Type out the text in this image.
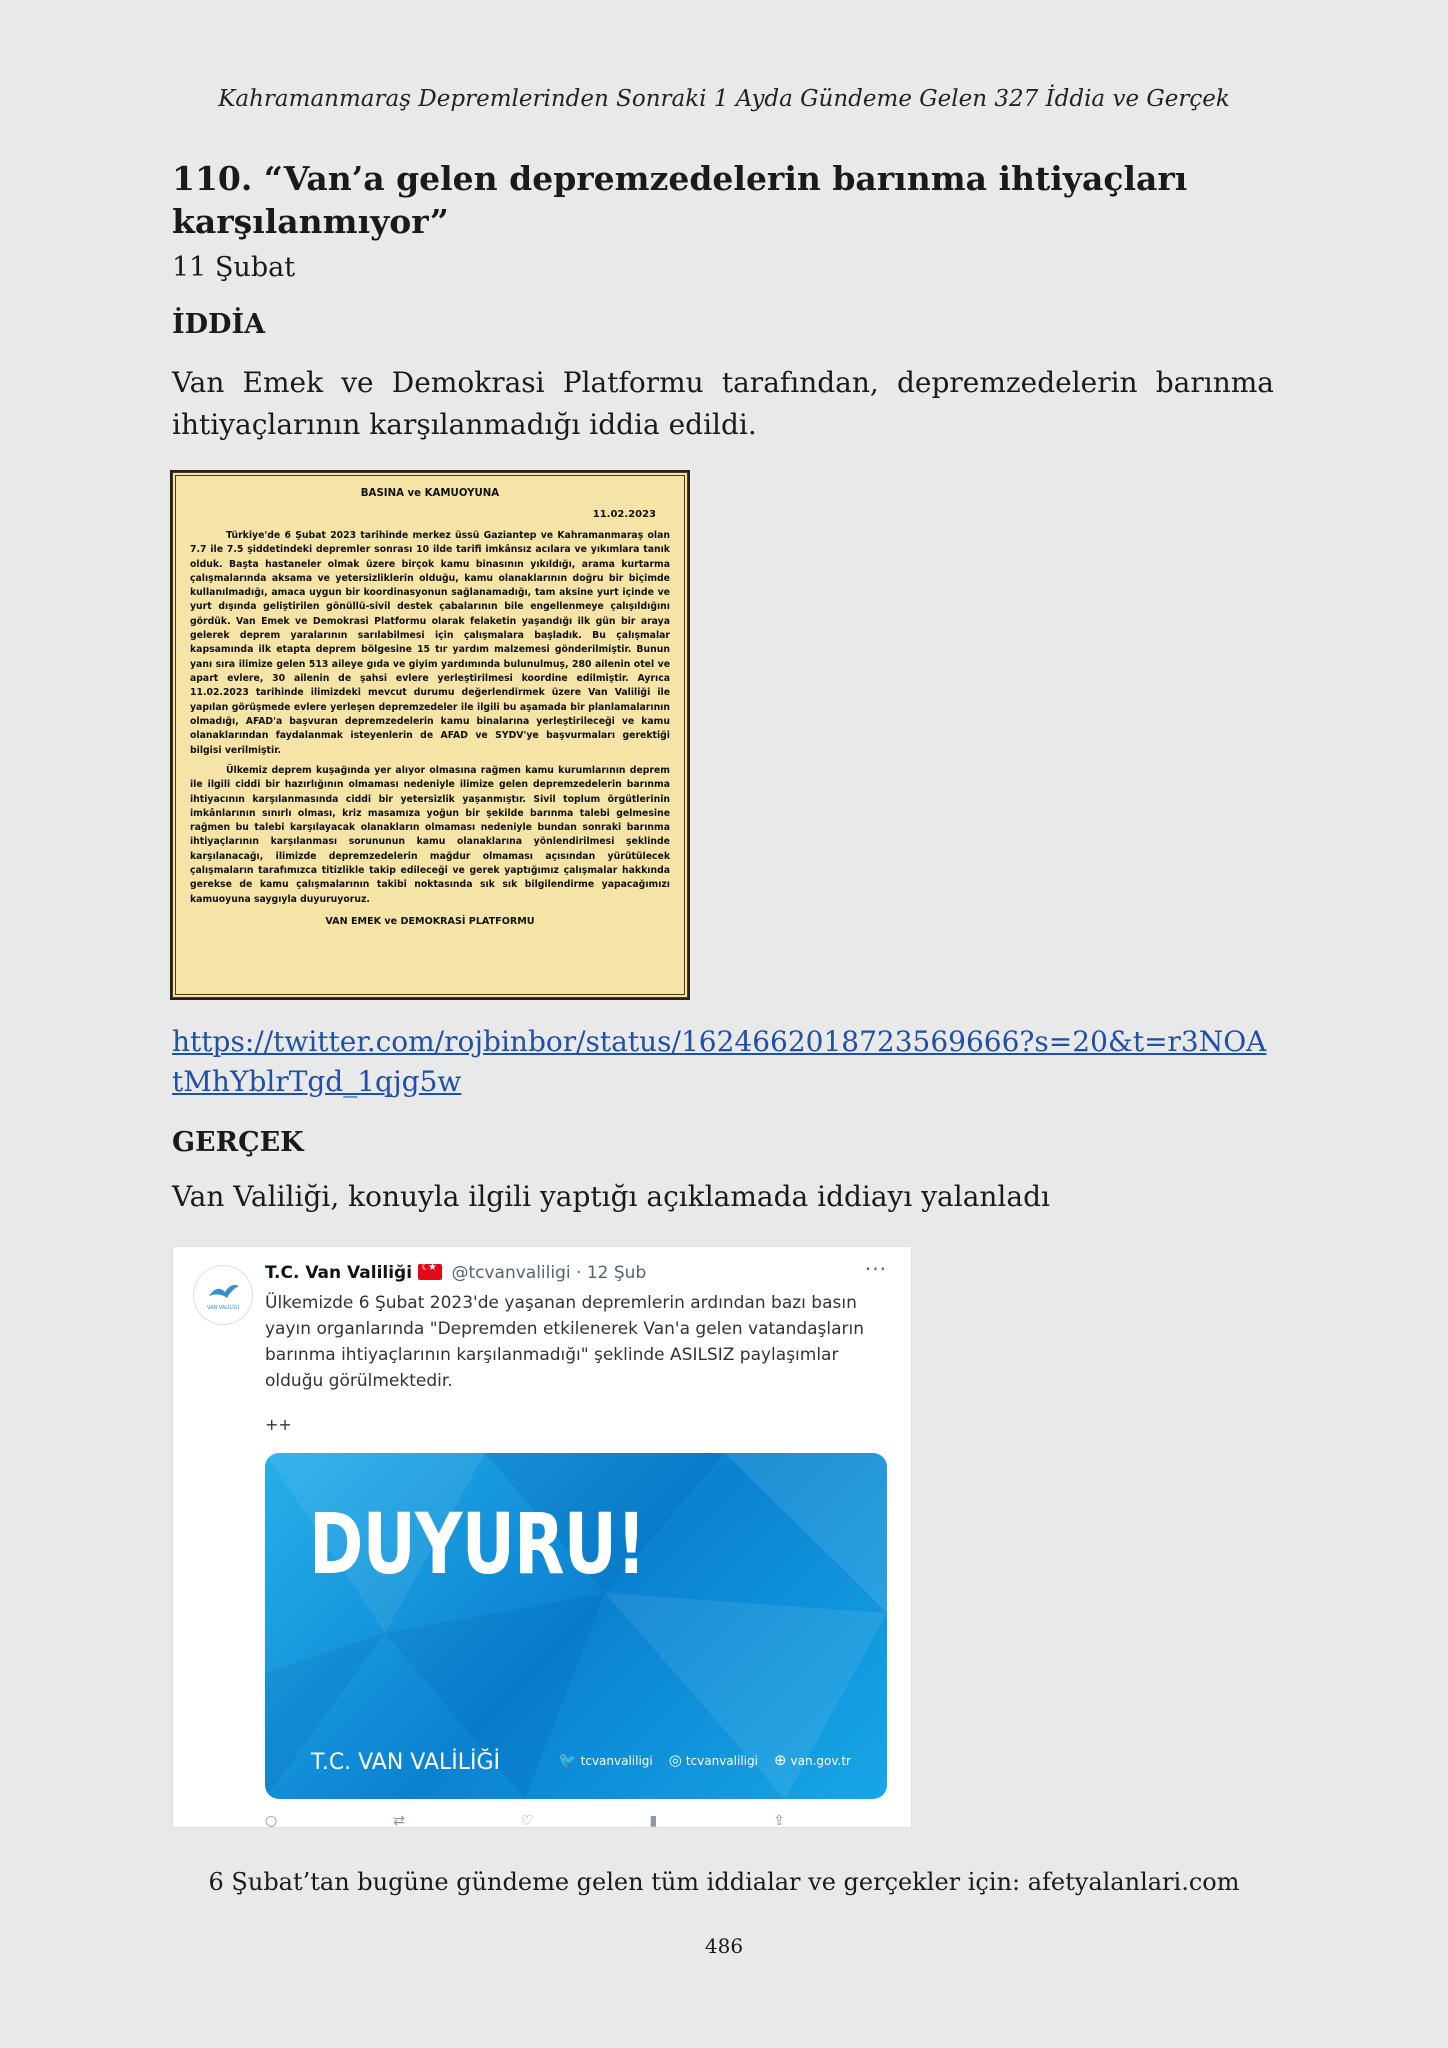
Kahramanmaraş Depremlerinden Sonraki 1 Ayda Gündeme Gelen 327 İddia ve Gerçek
110. “Van’a gelen depremzedelerin barınma ihtiyaçları karşılanmıyor”
11 Şubat
İDDİA
Van Emek ve Demokrasi Platformu tarafından, depremzedelerin barınma ihtiyaçlarının karşılanmadığı iddia edildi.
BASINA ve KAMUOYUNA
11.02.2023

Türkiye'de 6 Şubat 2023 tarihinde merkez üssü Gaziantep ve Kahramanmaraş olan 7.7 ile 7.5 şiddetindeki depremler sonrası 10 ilde tarifi imkânsız acılara ve yıkımlara tanık olduk. Başta hastaneler olmak üzere birçok kamu binasının yıkıldığı, arama kurtarma çalışmalarında aksama ve yetersizliklerin olduğu, kamu olanaklarının doğru bir biçimde kullanılmadığı, amaca uygun bir koordinasyonun sağlanamadığı, tam aksine yurt içinde ve yurt dışında geliştirilen gönüllü-sivil destek çabalarının bile engellenmeye çalışıldığını gördük. Van Emek ve Demokrasi Platformu olarak felaketin yaşandığı ilk gün bir araya gelerek deprem yaralarının sarılabilmesi için çalışmalara başladık. Bu çalışmalar kapsamında ilk etapta deprem bölgesine 15 tır yardım malzemesi gönderilmiştir. Bunun yanı sıra ilimize gelen 513 aileye gıda ve giyim yardımında bulunulmuş, 280 ailenin otel ve apart evlere, 30 ailenin de şahsi evlere yerleştirilmesi koordine edilmiştir. Ayrıca 11.02.2023 tarihinde ilimizdeki mevcut durumu değerlendirmek üzere Van Valiliği ile yapılan görüşmede evlere yerleşen depremzedeler ile ilgili bu aşamada bir planlamalarının olmadığı, AFAD'a başvuran depremzedelerin kamu binalarına yerleştirileceği ve kamu olanaklarından faydalanmak isteyenlerin de AFAD ve SYDV'ye başvurmaları gerektiği bilgisi verilmiştir.

Ülkemiz deprem kuşağında yer alıyor olmasına rağmen kamu kurumlarının deprem ile ilgili ciddi bir hazırlığının olmaması nedeniyle ilimize gelen depremzedelerin barınma ihtiyacının karşılanmasında ciddi bir yetersizlik yaşanmıştır. Sivil toplum örgütlerinin imkânlarının sınırlı olması, kriz masamıza yoğun bir şekilde barınma talebi gelmesine rağmen bu talebi karşılayacak olanakların olmaması nedeniyle bundan sonraki barınma ihtiyaçlarının karşılanması sorununun kamu olanaklarına yönlendirilmesi şeklinde karşılanacağı, ilimizde depremzedelerin mağdur olmaması açısından yürütülecek çalışmaların tarafımızca titizlikle takip edileceği ve gerek yaptığımız çalışmalar hakkında gerekse de kamu çalışmalarının takibi noktasında sık sık bilgilendirme yapacağımızı kamuoyuna saygıyla duyuruyoruz.

VAN EMEK ve DEMOKRASİ PLATFORMU
https://twitter.com/rojbinbor/status/1624662018723569666?s=20&t=r3NOAtMhYblrTgd_1qjg5w
GERÇEK
Van Valiliği, konuyla ilgili yaptığı açıklamada iddiayı yalanladı
VAN VALİLİĞİ
T.C. Van Valiliği☾★ @tcvanvaliligi · 12 Şub	···
Ülkemizde 6 Şubat 2023'de yaşanan depremlerin ardından bazı basın yayın organlarında "Depremden etkilenerek Van'a gelen vatandaşların barınma ihtiyaçlarının karşılanmadığı" şeklinde ASILSIZ paylaşımlar olduğu görülmektedir.
++
DUYURU!
T.C. VAN VALİLİĞİ	🐦 tcvanvaliligi ◎ tcvanvaliligi ⊕ van.gov.tr
○	⇄	♡	▮	⇪
6 Şubat’tan bugüne gündeme gelen tüm iddialar ve gerçekler için: afetyalanlari.com
486
